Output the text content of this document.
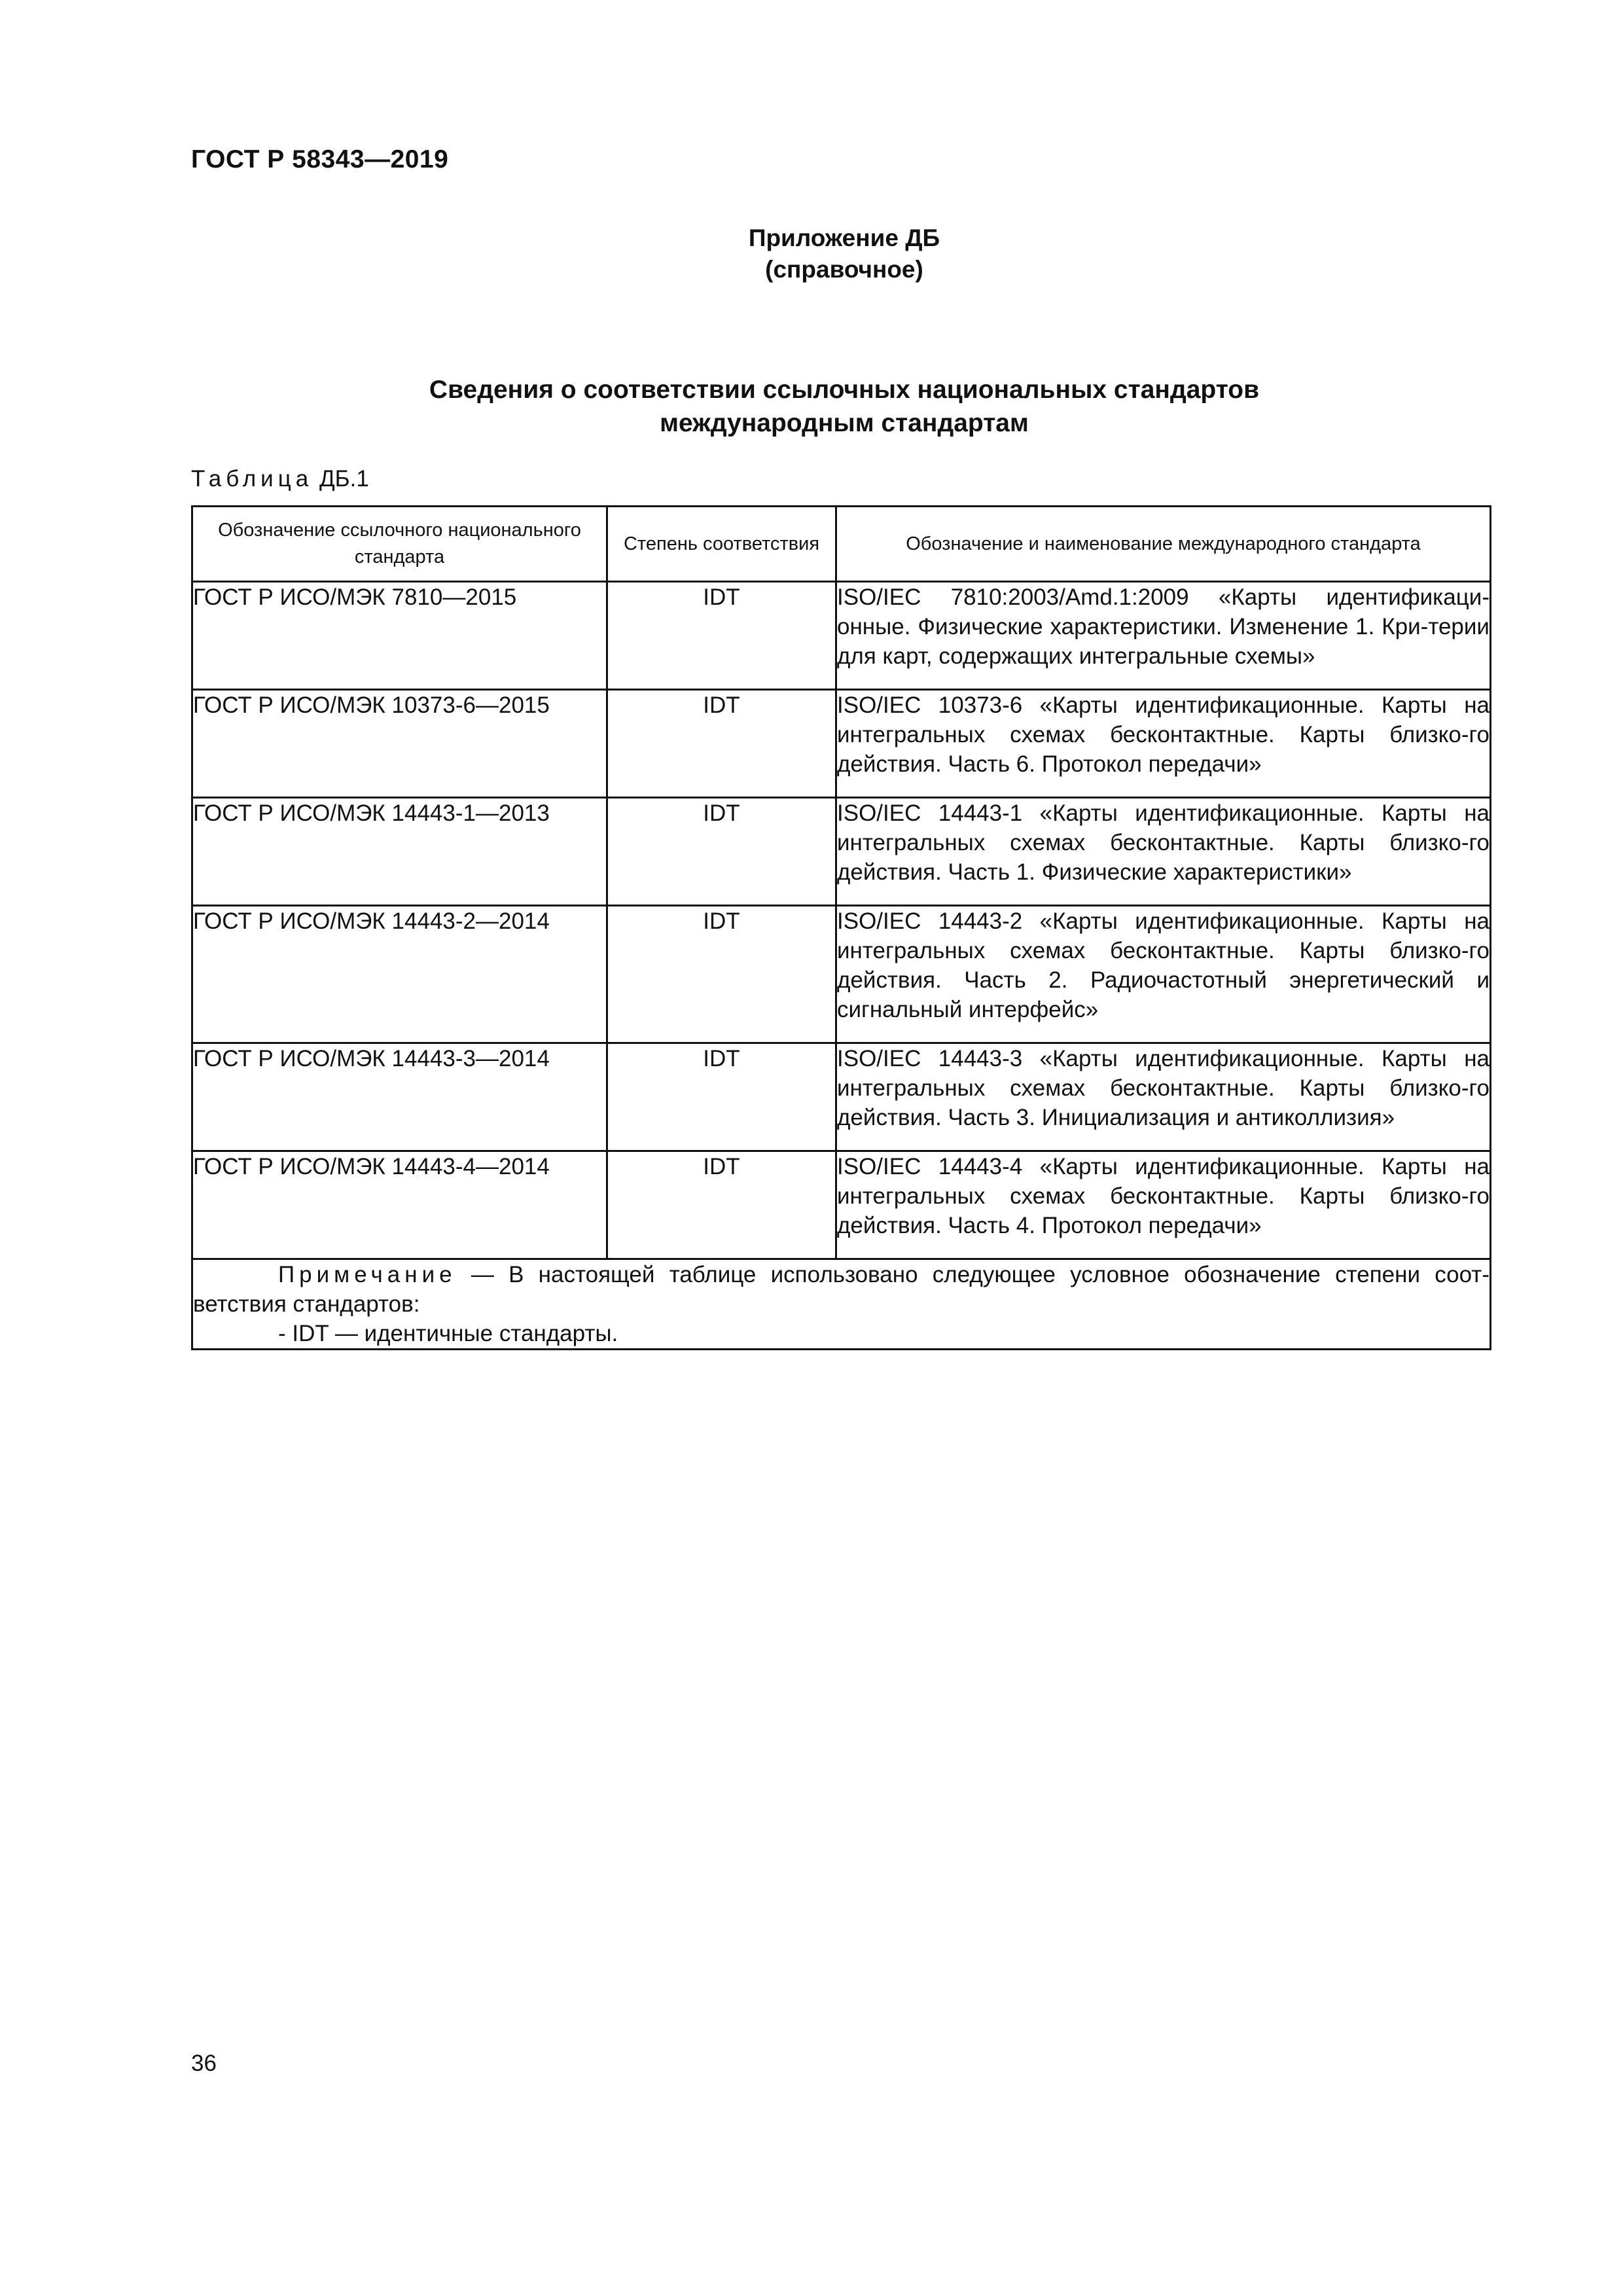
ГОСТ Р 58343—2019
Приложение ДБ
(справочное)
Сведения о соответствии ссылочных национальных стандартов
международным стандартам
Таблица ДБ.1
Обозначение ссылочного национального стандарта	Степень соответствия	Обозначение и наименование международного стандарта
ГОСТ Р ИСО/МЭК 7810—2015	IDT	ISO/IEC 7810:2003/Amd.1:2009 «Карты идентификаци-онные. Физические характеристики. Изменение 1. Кри-терии для карт, содержащих интегральные схемы»
ГОСТ Р ИСО/МЭК 10373-6—2015	IDT	ISO/IEC 10373-6 «Карты идентификационные. Карты на интегральных схемах бесконтактные. Карты близко-го действия. Часть 6. Протокол передачи»
ГОСТ Р ИСО/МЭК 14443-1—2013	IDT	ISO/IEC 14443-1 «Карты идентификационные. Карты на интегральных схемах бесконтактные. Карты близко-го действия. Часть 1. Физические характеристики»
ГОСТ Р ИСО/МЭК 14443-2—2014	IDT	ISO/IEC 14443-2 «Карты идентификационные. Карты на интегральных схемах бесконтактные. Карты близко-го действия. Часть 2. Радиочастотный энергетический и сигнальный интерфейс»
ГОСТ Р ИСО/МЭК 14443-3—2014	IDT	ISO/IEC 14443-3 «Карты идентификационные. Карты на интегральных схемах бесконтактные. Карты близко-го действия. Часть 3. Инициализация и антиколлизия»
ГОСТ Р ИСО/МЭК 14443-4—2014	IDT	ISO/IEC 14443-4 «Карты идентификационные. Карты на интегральных схемах бесконтактные. Карты близко-го действия. Часть 4. Протокол передачи»

Примечание — В настоящей таблице использовано следующее условное обозначение степени соот-ветствия стандартов:
- IDT — идентичные стандарты.		
36
